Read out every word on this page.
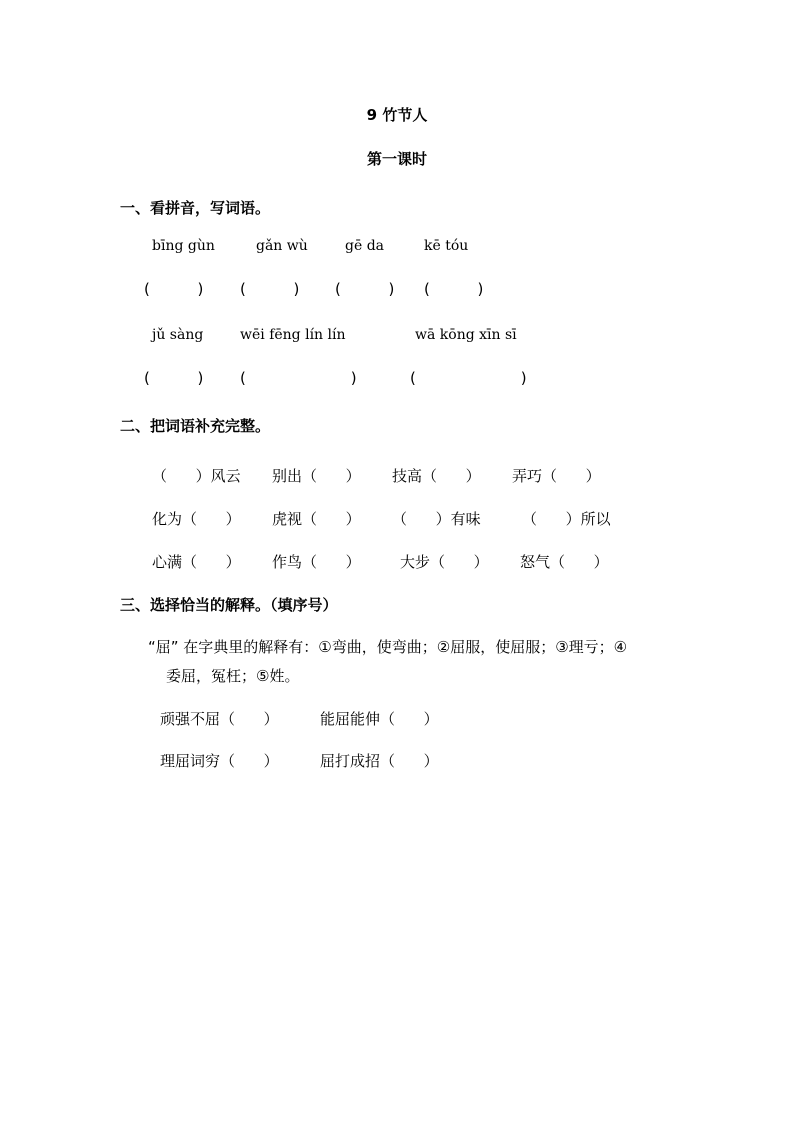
9 竹节人
第一课时
一、看拼音，写词语。
bīng gùn	gǎn wù	gē da	kē tóu
(          ) (          ) (          ) (          )
jǔ sàng	wēi fēng lín lín	wā kōng xīn sī
(          ) (                      )	(                      )
二、把词语补充完整。
（      ）风云 别出（      ） 技高（      ） 弄巧（      ）
化为（      ） 虎视（      ） （      ）有味	（      ）所以
心满（      ） 作鸟（      ）	大步（      ） 怒气（      ）
三、选择恰当的解释。（填序号）
“屈” 在字典里的解释有：①弯曲，使弯曲；②屈服，使屈服；③理亏；④
委屈，冤枉；⑤姓。
顽强不屈（      ）	能屈能伸（      ）
理屈词穷（      ）	屈打成招（      ）
